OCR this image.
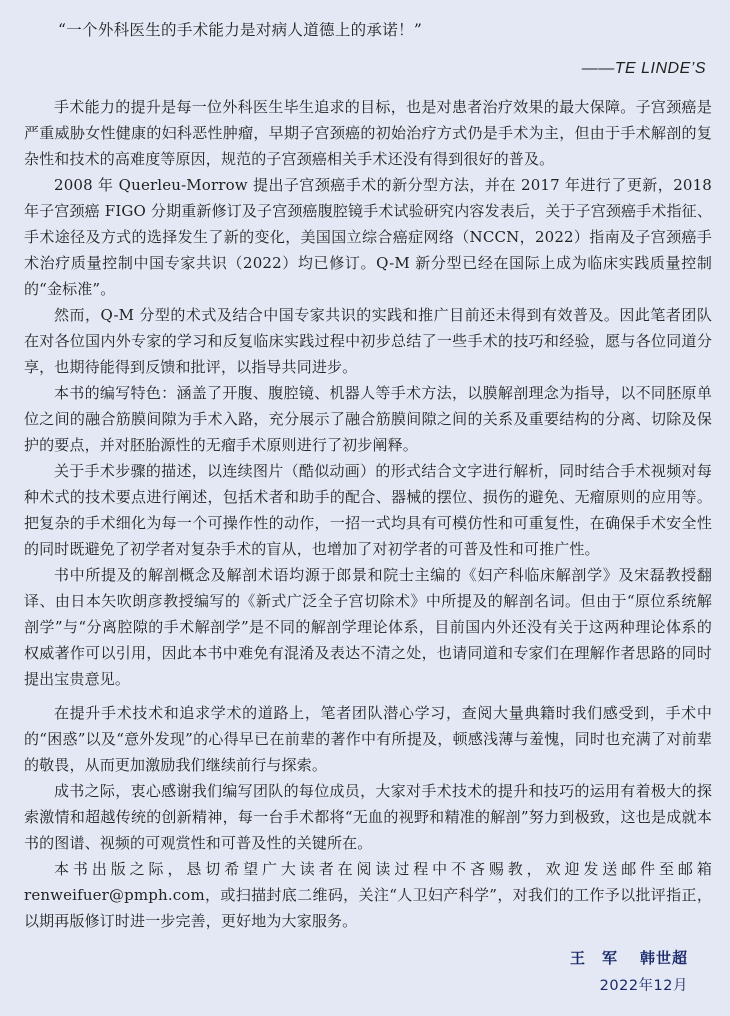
“一个外科医生的手术能力是对病人道德上的承诺！”
——TE LINDE’S

手术能力的提升是每一位外科医生毕生追求的目标，也是对患者治疗效果的最大保障。子宫颈癌是严重威胁女性健康的妇科恶性肿瘤，早期子宫颈癌的初始治疗方式仍是手术为主，但由于手术解剖的复杂性和技术的高难度等原因，规范的子宫颈癌相关手术还没有得到很好的普及。

2008 年 Querleu-Morrow 提出子宫颈癌手术的新分型方法，并在 2017 年进行了更新，2018 年子宫颈癌 FIGO 分期重新修订及子宫颈癌腹腔镜手术试验研究内容发表后，关于子宫颈癌手术指征、手术途径及方式的选择发生了新的变化，美国国立综合癌症网络（NCCN，2022）指南及子宫颈癌手术治疗质量控制中国专家共识（2022）均已修订。Q-M 新分型已经在国际上成为临床实践质量控制的“金标准”。

然而，Q-M 分型的术式及结合中国专家共识的实践和推广目前还未得到有效普及。因此笔者团队在对各位国内外专家的学习和反复临床实践过程中初步总结了一些手术的技巧和经验，愿与各位同道分享，也期待能得到反馈和批评，以指导共同进步。

本书的编写特色：涵盖了开腹、腹腔镜、机器人等手术方法，以膜解剖理念为指导，以不同胚原单位之间的融合筋膜间隙为手术入路，充分展示了融合筋膜间隙之间的关系及重要结构的分离、切除及保护的要点，并对胚胎源性的无瘤手术原则进行了初步阐释。

关于手术步骤的描述，以连续图片（酷似动画）的形式结合文字进行解析，同时结合手术视频对每种术式的技术要点进行阐述，包括术者和助手的配合、器械的摆位、损伤的避免、无瘤原则的应用等。把复杂的手术细化为每一个可操作性的动作，一招一式均具有可模仿性和可重复性，在确保手术安全性的同时既避免了初学者对复杂手术的盲从，也增加了对初学者的可普及性和可推广性。

书中所提及的解剖概念及解剖术语均源于郎景和院士主编的《妇产科临床解剖学》及宋磊教授翻译、由日本矢吹朗彦教授编写的《新式广泛全子宫切除术》中所提及的解剖名词。但由于“原位系统解剖学”与“分离腔隙的手术解剖学”是不同的解剖学理论体系，目前国内外还没有关于这两种理论体系的权威著作可以引用，因此本书中难免有混淆及表达不清之处，也请同道和专家们在理解作者思路的同时提出宝贵意见。

在提升手术技术和追求学术的道路上，笔者团队潜心学习，查阅大量典籍时我们感受到，手术中的“困惑”以及“意外发现”的心得早已在前辈的著作中有所提及，顿感浅薄与羞愧，同时也充满了对前辈的敬畏，从而更加激励我们继续前行与探索。

成书之际，衷心感谢我们编写团队的每位成员，大家对手术技术的提升和技巧的运用有着极大的探索激情和超越传统的创新精神，每一台手术都将“无血的视野和精准的解剖”努力到极致，这也是成就本书的图谱、视频的可观赏性和可普及性的关键所在。

本书出版之际，恳切希望广大读者在阅读过程中不吝赐教，欢迎发送邮件至邮箱 renweifuer@pmph.com，或扫描封底二维码，关注“人卫妇产科学”，对我们的工作予以批评指正，以期再版修订时进一步完善，更好地为大家服务。

王　军 韩世超
2022年12月
